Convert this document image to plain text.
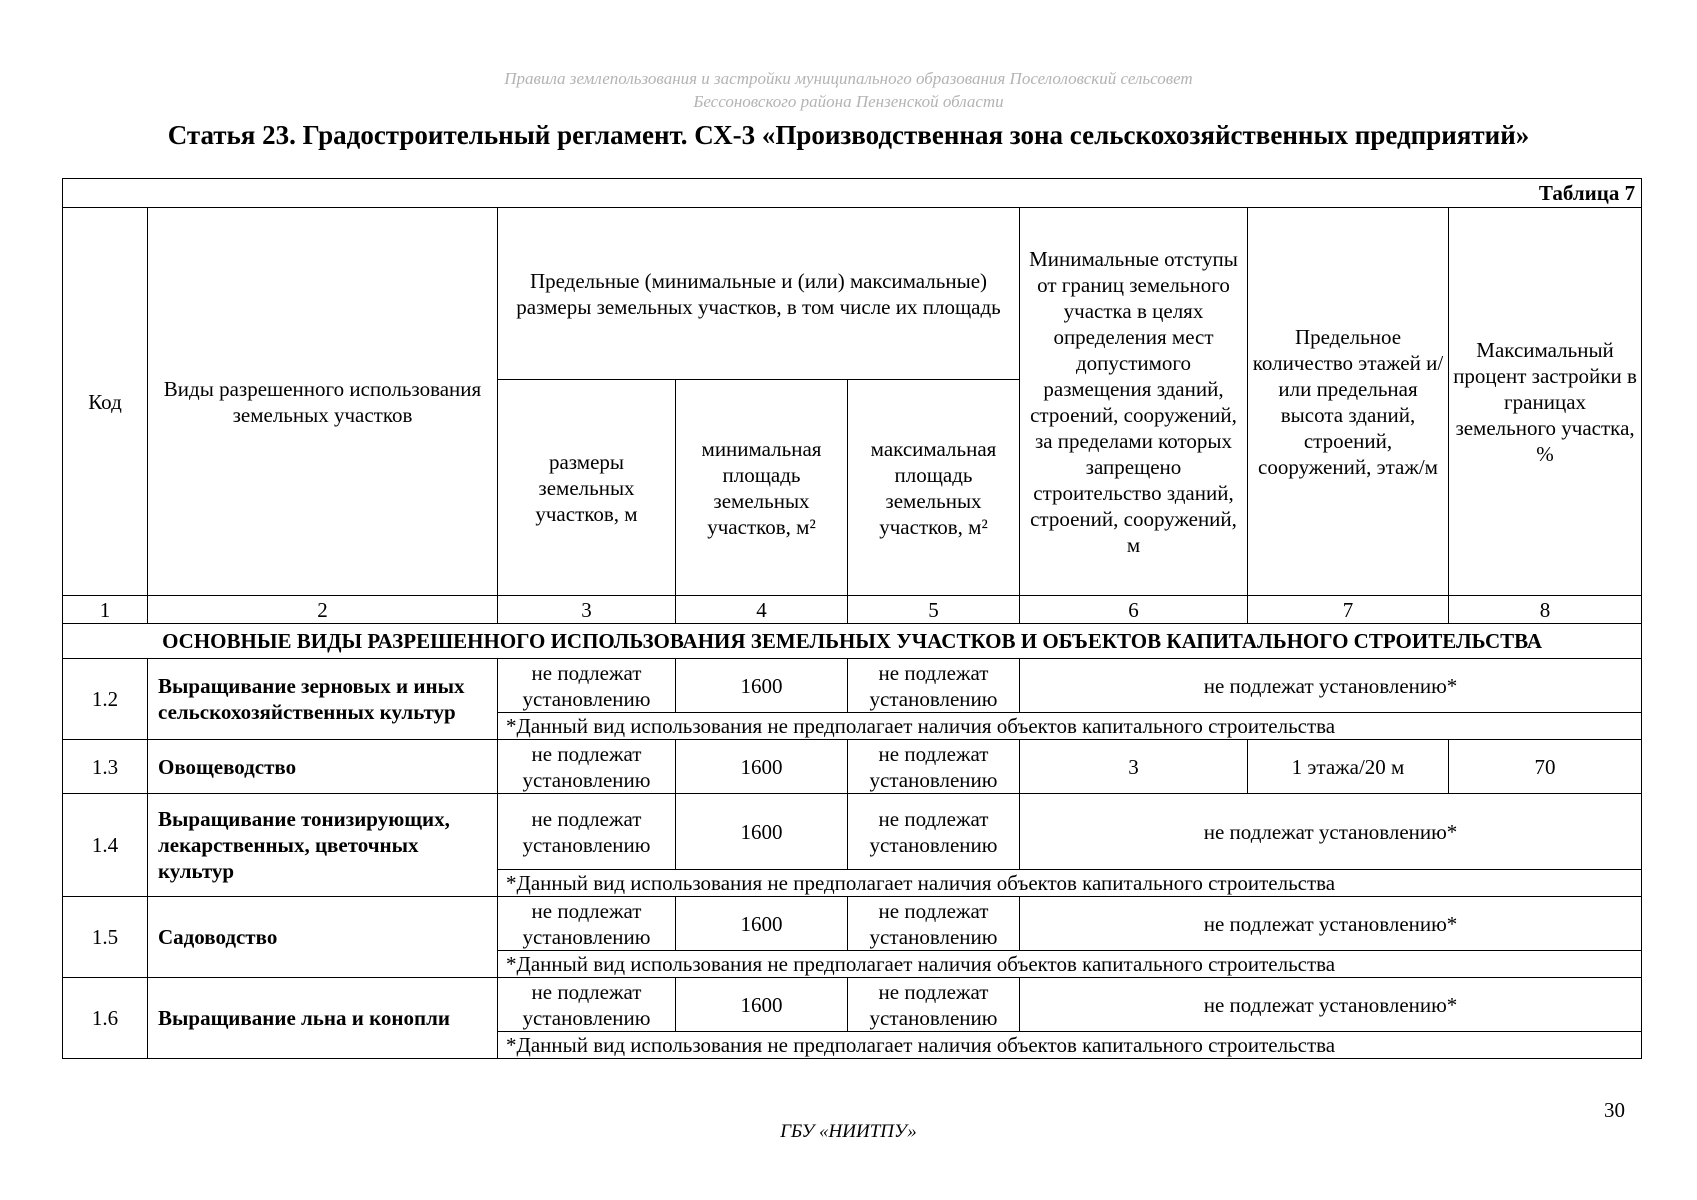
Правила землепользования и застройки муниципального образования Поселоловский сельсовет
Бессоновского района Пензенской области
Статья 23. Градостроительный регламент. СХ-3 «Производственная зона сельскохозяйственных предприятий»
Таблица 7							
Код	Виды разрешенного использования земельных участков	Предельные (минимальные и (или) максимальные) размеры земельных участков, в том числе их площадь			Минимальные отступы от границ земельного участка в целях определения мест допустимого размещения зданий, строений, сооружений, за пределами которых запрещено строительство зданий, строений, сооружений, м	Предельное количество этажей и/или предельная высота зданий, строений, сооружений, этаж/м	Максимальный процент застройки в границах земельного участка, %
		размеры земельных участков, м	минимальная площадь земельных участков, м²	максимальная площадь земельных участков, м²			
1	2	3	4	5	6	7	8
ОСНОВНЫЕ ВИДЫ РАЗРЕШЕННОГО ИСПОЛЬЗОВАНИЯ ЗЕМЕЛЬНЫХ УЧАСТКОВ И ОБЪЕКТОВ КАПИТАЛЬНОГО СТРОИТЕЛЬСТВА							
1.2	Выращивание зерновых и иных сельскохозяйственных культур	не подлежат установлению	1600	не подлежат установлению	не подлежат установлению*		
		*Данный вид использования не предполагает наличия объектов капитального строительства					
1.3	Овощеводство	не подлежат установлению	1600	не подлежат установлению	3	1 этажа/20 м	70
1.4	Выращивание тонизирующих, лекарственных, цветочных культур	не подлежат установлению	1600	не подлежат установлению	не подлежат установлению*		
		*Данный вид использования не предполагает наличия объектов капитального строительства					
1.5	Садоводство	не подлежат установлению	1600	не подлежат установлению	не подлежат установлению*		
		*Данный вид использования не предполагает наличия объектов капитального строительства					
1.6	Выращивание льна и конопли	не подлежат установлению	1600	не подлежат установлению	не подлежат установлению*		
		*Данный вид использования не предполагает наличия объектов капитального строительства					
30
ГБУ «НИИТПУ»
